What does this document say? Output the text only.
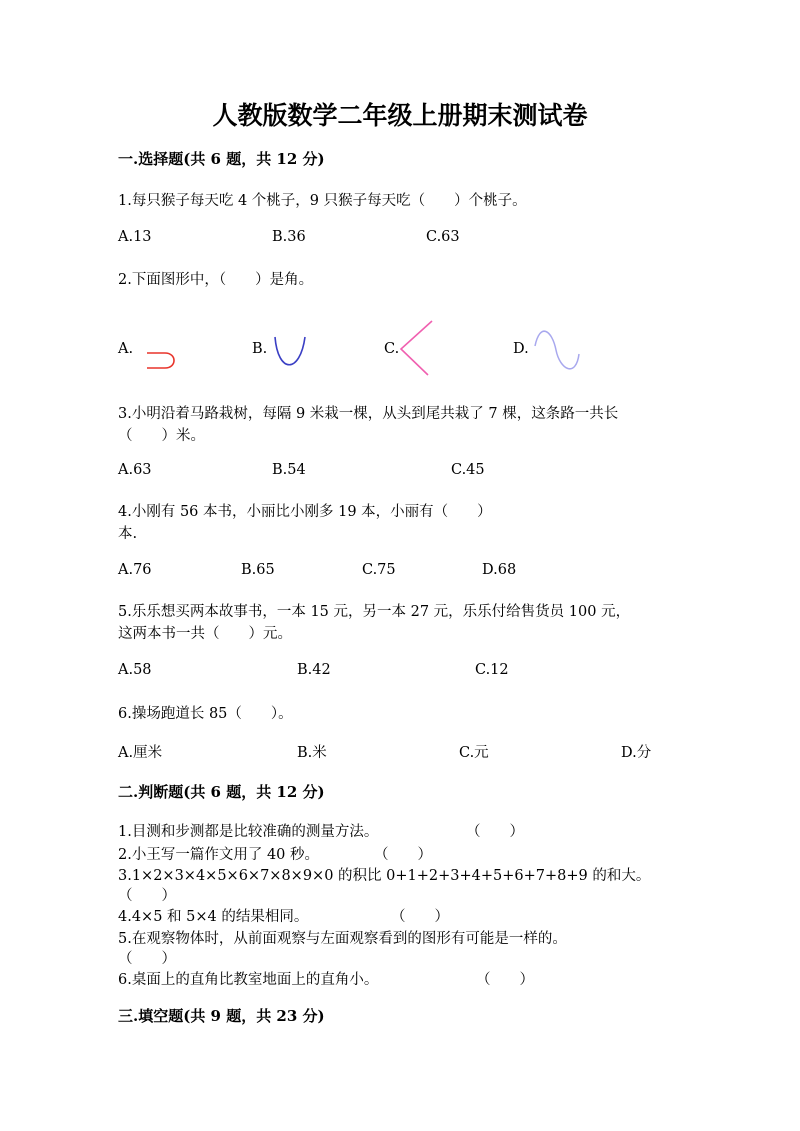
人教版数学二年级上册期末测试卷
一.选择题(共 6 题，共 12 分)
1.每只猴子每天吃 4 个桃子，9 只猴子每天吃（　　）个桃子。
A.13	B.36	C.63
2.下面图形中，（　　）是角。
A.	B.	C.	D.
3.小明沿着马路栽树，每隔 9 米栽一棵，从头到尾共栽了 7 棵，这条路一共长
（　　）米。
A.63	B.54	C.45
4.小刚有 56 本书，小丽比小刚多 19 本，小丽有（　　）
本.
A.76	B.65	C.75	D.68
5.乐乐想买两本故事书，一本 15 元，另一本 27 元，乐乐付给售货员 100 元，
这两本书一共（　　）元。
A.58	B.42	C.12
6.操场跑道长 85（　　）。
A.厘米	B.米	C.元	D.分
二.判断题(共 6 题，共 12 分)
1.目测和步测都是比较准确的测量方法。	（　　）
2.小王写一篇作文用了 40 秒。	（　　）
3.1×2×3×4×5×6×7×8×9×0 的积比 0+1+2+3+4+5+6+7+8+9 的和大。
（　　）
4.4×5 和 5×4 的结果相同。	（　　）
5.在观察物体时，从前面观察与左面观察看到的图形有可能是一样的。
（　　）
6.桌面上的直角比教室地面上的直角小。	（　　）
三.填空题(共 9 题，共 23 分)
